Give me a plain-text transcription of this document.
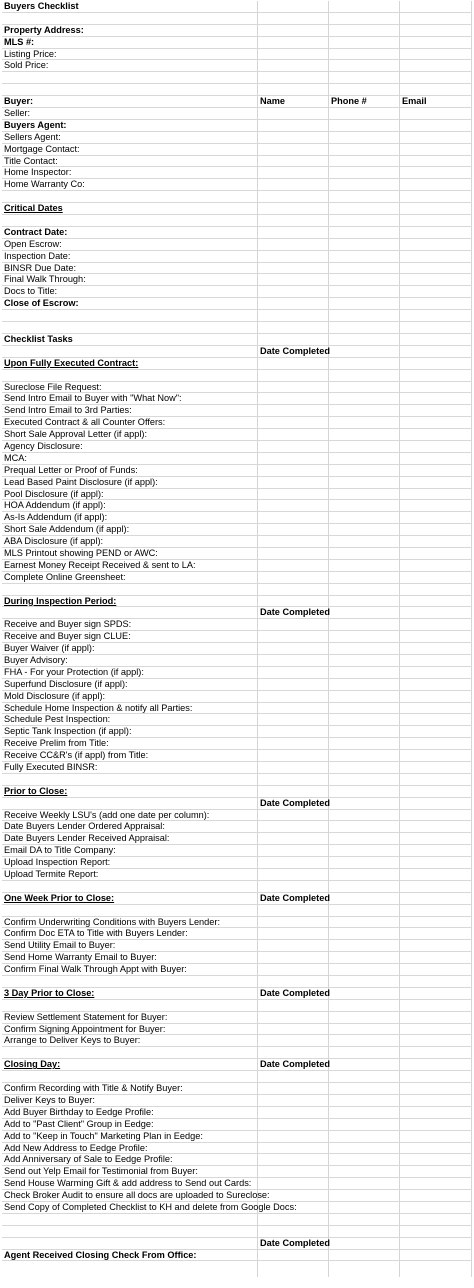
Buyers Checklist
Property Address:
MLS #:
Listing Price:
Sold Price:
Buyer:	Name	Phone #	Email
Seller:
Buyers Agent:
Sellers Agent:
Mortgage Contact:
Title Contact:
Home Inspector:
Home Warranty Co:
Critical Dates
Contract Date:
Open Escrow:
Inspection Date:
BINSR Due Date:
Final Walk Through:
Docs to Title:
Close of Escrow:
Checklist Tasks
Date Completed
Upon Fully Executed Contract:
Sureclose File Request:
Send Intro Email to Buyer with "What Now":
Send Intro Email to 3rd Parties:
Executed Contract & all Counter Offers:
Short Sale Approval Letter (if appl):
Agency Disclosure:
MCA:
Prequal Letter or Proof of Funds:
Lead Based Paint Disclosure (if appl):
Pool Disclosure (if appl):
HOA Addendum (if appl):
As-Is Addendum (if appl):
Short Sale Addendum (if appl):
ABA Disclosure (if appl):
MLS Printout showing PEND or AWC:
Earnest Money Receipt Received & sent to LA:
Complete Online Greensheet:
During Inspection Period:
Date Completed
Receive and Buyer sign SPDS:
Receive and Buyer sign CLUE:
Buyer Waiver (if appl):
Buyer Advisory:
FHA - For your Protection (if appl):
Superfund Disclosure (if appl):
Mold Disclosure (if appl):
Schedule Home Inspection & notify all Parties:
Schedule Pest Inspection:
Septic Tank Inspection (if appl):
Receive Prelim from Title:
Receive CC&R's (if appl) from Title:
Fully Executed BINSR:
Prior to Close:
Date Completed
Receive Weekly LSU's (add one date per column):
Date Buyers Lender Ordered Appraisal:
Date Buyers Lender Received Appraisal:
Email DA to Title Company:
Upload Inspection Report:
Upload Termite Report:
One Week Prior to Close:	Date Completed
Confirm Underwriting Conditions with Buyers Lender:
Confirm Doc ETA to Title with Buyers Lender:
Send Utility Email to Buyer:
Send Home Warranty Email to Buyer:
Confirm Final Walk Through Appt with Buyer:
3 Day Prior to Close:	Date Completed
Review Settlement Statement for Buyer:
Confirm Signing Appointment for Buyer:
Arrange to Deliver Keys to Buyer:
Closing Day:	Date Completed
Confirm Recording with Title & Notify Buyer:
Deliver Keys to Buyer:
Add Buyer Birthday to Eedge Profile:
Add to "Past Client" Group in Eedge:
Add to "Keep in Touch" Marketing Plan in Eedge:
Add New Address to Eedge Profile:
Add Anniversary of Sale to Eedge Profile:
Send out Yelp Email for Testimonial from Buyer:
Send House Warming Gift & add address to Send out Cards:
Check Broker Audit to ensure all docs are uploaded to Sureclose:
Send Copy of Completed Checklist to KH and delete from Google Docs:
Date Completed
Agent Received Closing Check From Office:
